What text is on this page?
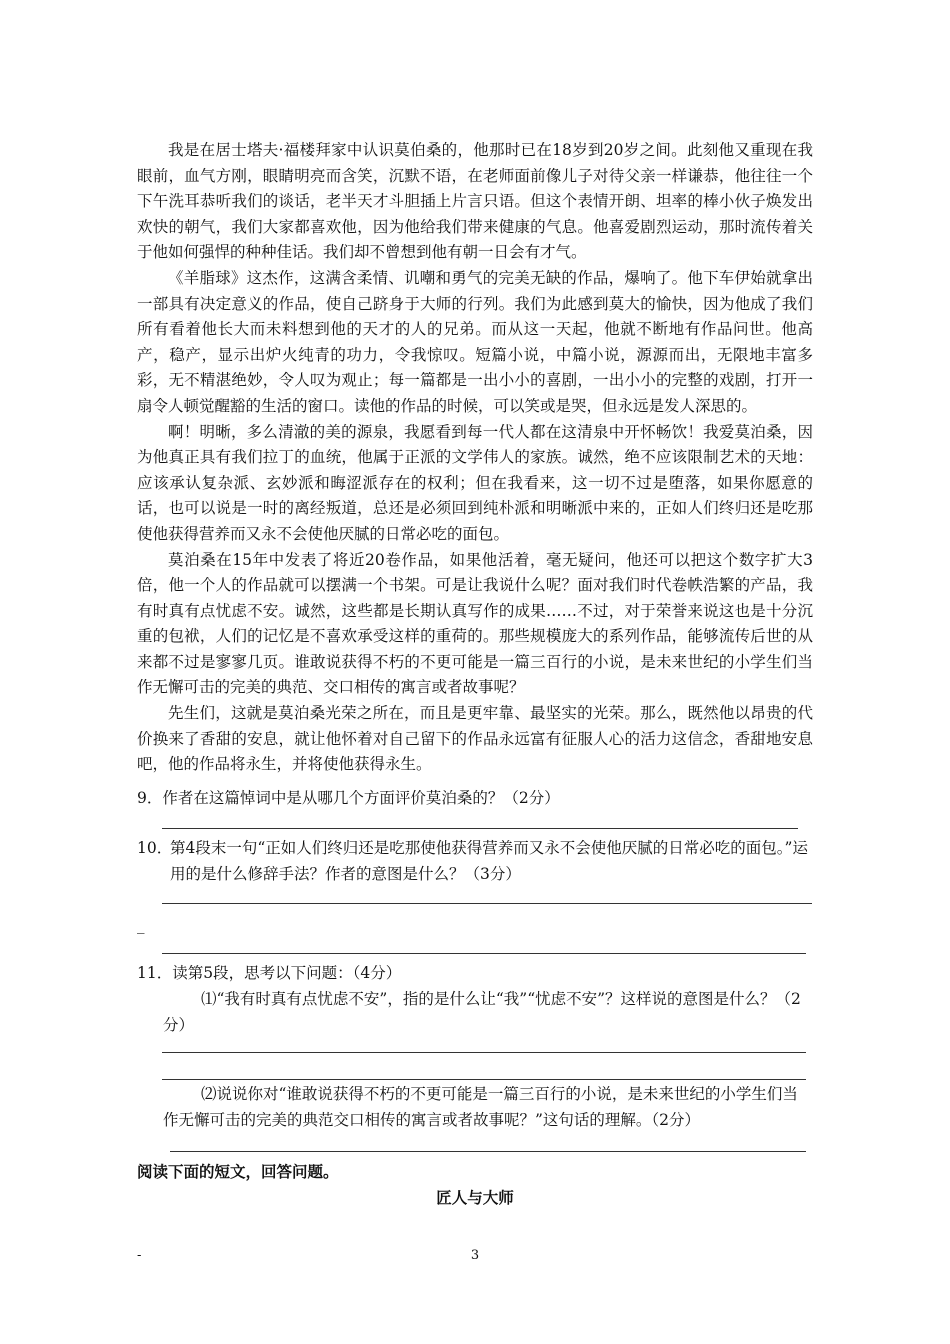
我是在居士塔夫·福楼拜家中认识莫伯桑的，他那时已在18岁到20岁之间。此刻他又重现在我眼前，血气方刚，眼睛明亮而含笑，沉默不语，在老师面前像儿子对待父亲一样谦恭，他往往一个下午洗耳恭听我们的谈话，老半天才斗胆插上片言只语。但这个表情开朗、坦率的棒小伙子焕发出欢快的朝气，我们大家都喜欢他，因为他给我们带来健康的气息。他喜爱剧烈运动，那时流传着关于他如何强悍的种种佳话。我们却不曾想到他有朝一日会有才气。

《羊脂球》这杰作，这满含柔情、讥嘲和勇气的完美无缺的作品，爆响了。他下车伊始就拿出一部具有决定意义的作品，使自己跻身于大师的行列。我们为此感到莫大的愉快，因为他成了我们所有看着他长大而未料想到他的天才的人的兄弟。而从这一天起，他就不断地有作品问世。他高产，稳产，显示出炉火纯青的功力，令我惊叹。短篇小说，中篇小说，源源而出，无限地丰富多彩，无不精湛绝妙，令人叹为观止；每一篇都是一出小小的喜剧，一出小小的完整的戏剧，打开一扇令人顿觉醒豁的生活的窗口。读他的作品的时候，可以笑或是哭，但永远是发人深思的。

啊！明晰，多么清澈的美的源泉，我愿看到每一代人都在这清泉中开怀畅饮！我爱莫泊桑，因为他真正具有我们拉丁的血统，他属于正派的文学伟人的家族。诚然，绝不应该限制艺术的天地：应该承认复杂派、玄妙派和晦涩派存在的权利；但在我看来，这一切不过是堕落，如果你愿意的话，也可以说是一时的离经叛道，总还是必须回到纯朴派和明晰派中来的，正如人们终归还是吃那使他获得营养而又永不会使他厌腻的日常必吃的面包。

莫泊桑在15年中发表了将近20卷作品，如果他活着，毫无疑问，他还可以把这个数字扩大3倍，他一个人的作品就可以摆满一个书架。可是让我说什么呢？面对我们时代卷帙浩繁的产品，我有时真有点忧虑不安。诚然，这些都是长期认真写作的成果……不过，对于荣誉来说这也是十分沉重的包袱，人们的记忆是不喜欢承受这样的重荷的。那些规模庞大的系列作品，能够流传后世的从来都不过是寥寥几页。谁敢说获得不朽的不更可能是一篇三百行的小说，是未来世纪的小学生们当作无懈可击的完美的典范、交口相传的寓言或者故事呢？

先生们，这就是莫泊桑光荣之所在，而且是更牢靠、最坚实的光荣。那么，既然他以昂贵的代价换来了香甜的安息，就让他怀着对自己留下的作品永远富有征服人心的活力这信念，香甜地安息吧，他的作品将永生，并将使他获得永生。

9．作者在这篇悼词中是从哪几个方面评价莫泊桑的？（2分）
10．
第4段末一句“正如人们终归还是吃那使他获得营养而又永不会使他厌腻的日常必吃的面包。”运用的是什么修辞手法？作者的意图是什么？（3分）
_
11．读第5段，思考以下问题：（4分）

⑴“我有时真有点忧虑不安”，指的是什么让“我”“忧虑不安”？这样说的意图是什么？（2分）

⑵说说你对“谁敢说获得不朽的不更可能是一篇三百行的小说，是未来世纪的小学生们当作无懈可击的完美的典范交口相传的寓言或者故事呢？”这句话的理解。（2分）

阅读下面的短文，回答问题。
匠人与大师
-	3
